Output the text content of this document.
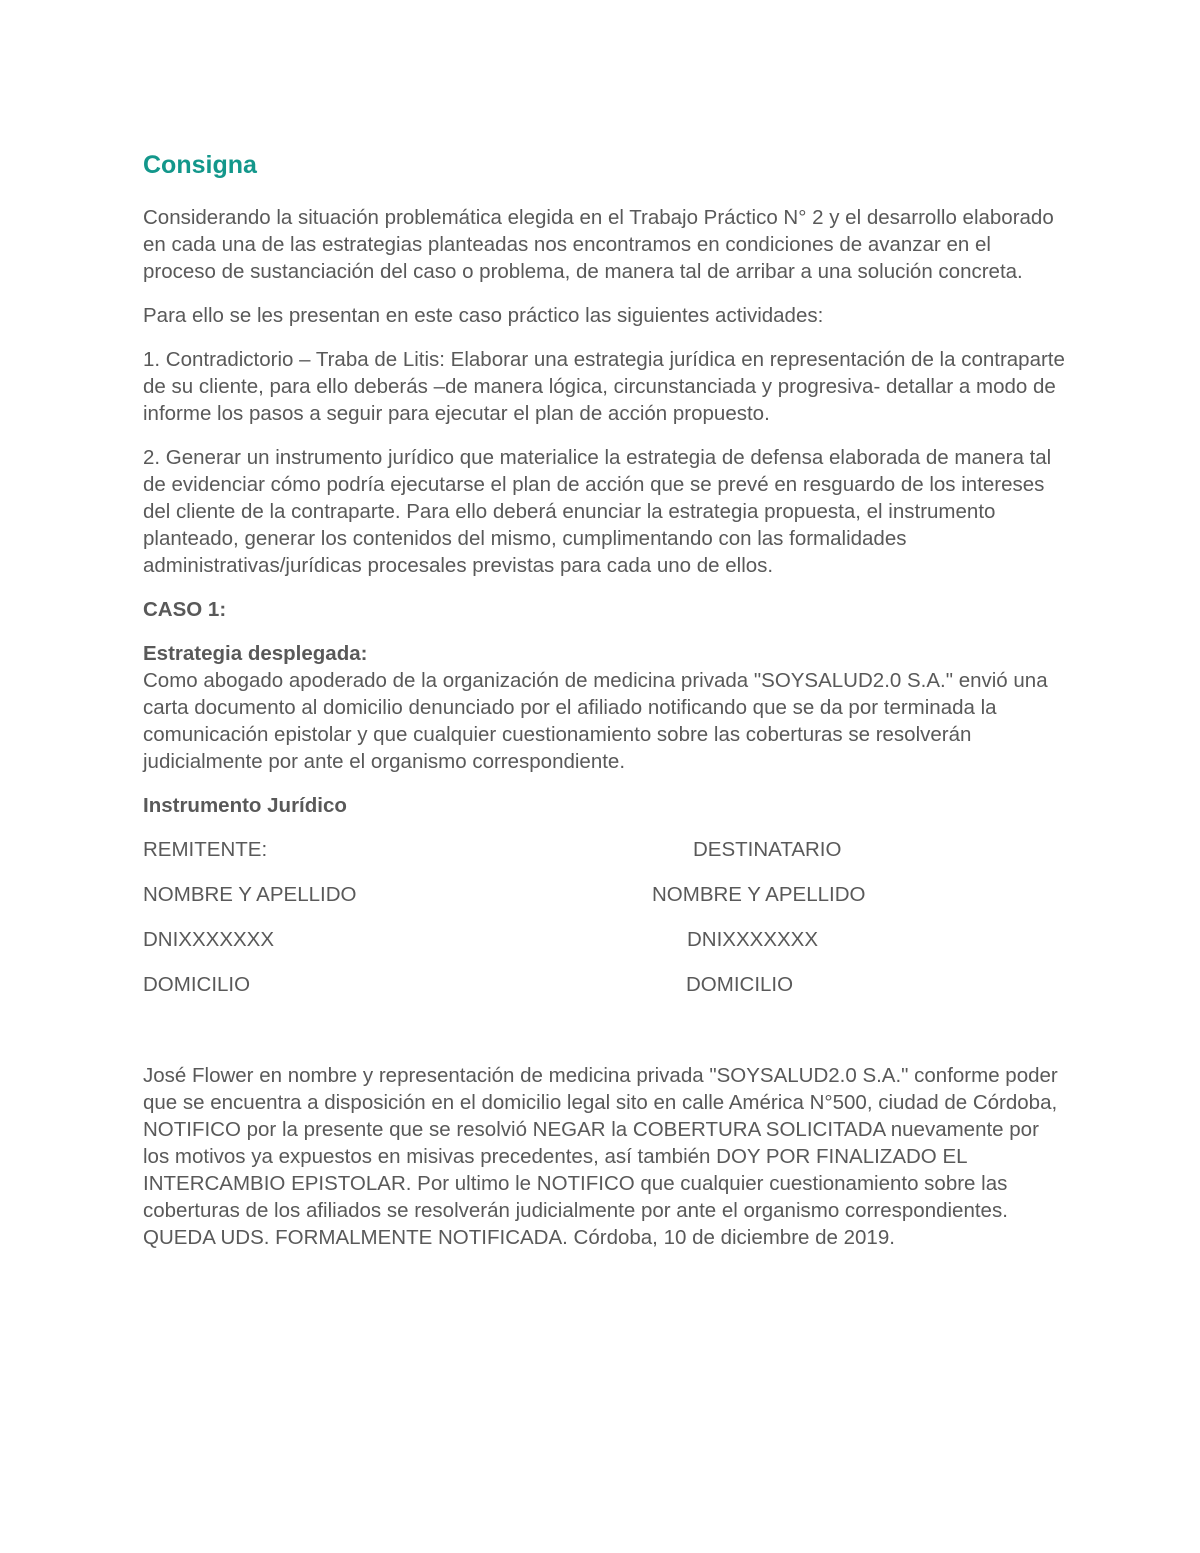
Consigna

Considerando la situación problemática elegida en el Trabajo Práctico N° 2 y el desarrollo elaborado en cada una de las estrategias planteadas nos encontramos en condiciones de avanzar en el proceso de sustanciación del caso o problema, de manera tal de arribar a una solución concreta.

Para ello se les presentan en este caso práctico las siguientes actividades:

1. Contradictorio – Traba de Litis: Elaborar una estrategia jurídica en representación de la contraparte de su cliente, para ello deberás –de manera lógica, circunstanciada y progresiva- detallar a modo de informe los pasos a seguir para ejecutar el plan de acción propuesto.

2. Generar un instrumento jurídico que materialice la estrategia de defensa elaborada de manera tal de evidenciar cómo podría ejecutarse el plan de acción que se prevé en resguardo de los intereses del cliente de la contraparte. Para ello deberá enunciar la estrategia propuesta, el instrumento planteado, generar los contenidos del mismo, cumplimentando con las formalidades administrativas/jurídicas procesales previstas para cada uno de ellos.

CASO 1:

Estrategia desplegada:
Como abogado apoderado de la organización de medicina privada "SOYSALUD2.0 S.A." envió una carta documento al domicilio denunciado por el afiliado notificando que se da por terminada la comunicación epistolar y que cualquier cuestionamiento sobre las coberturas se resolverán judicialmente por ante el organismo correspondiente.

Instrumento Jurídico

REMITENTE:	DESTINATARIO
NOMBRE Y APELLIDO	NOMBRE Y APELLIDO
DNIXXXXXXX	DNIXXXXXXX
DOMICILIO	DOMICILIO

José Flower en nombre y representación de medicina privada "SOYSALUD2.0 S.A." conforme poder que se encuentra a disposición en el domicilio legal sito en calle América N°500, ciudad de Córdoba, NOTIFICO por la presente que se resolvió NEGAR la COBERTURA SOLICITADA nuevamente por los motivos ya expuestos en misivas precedentes, así también DOY POR FINALIZADO EL INTERCAMBIO EPISTOLAR. Por ultimo le NOTIFICO que cualquier cuestionamiento sobre las coberturas de los afiliados se resolverán judicialmente por ante el organismo correspondientes. QUEDA UDS. FORMALMENTE NOTIFICADA. Córdoba, 10 de diciembre de 2019.
